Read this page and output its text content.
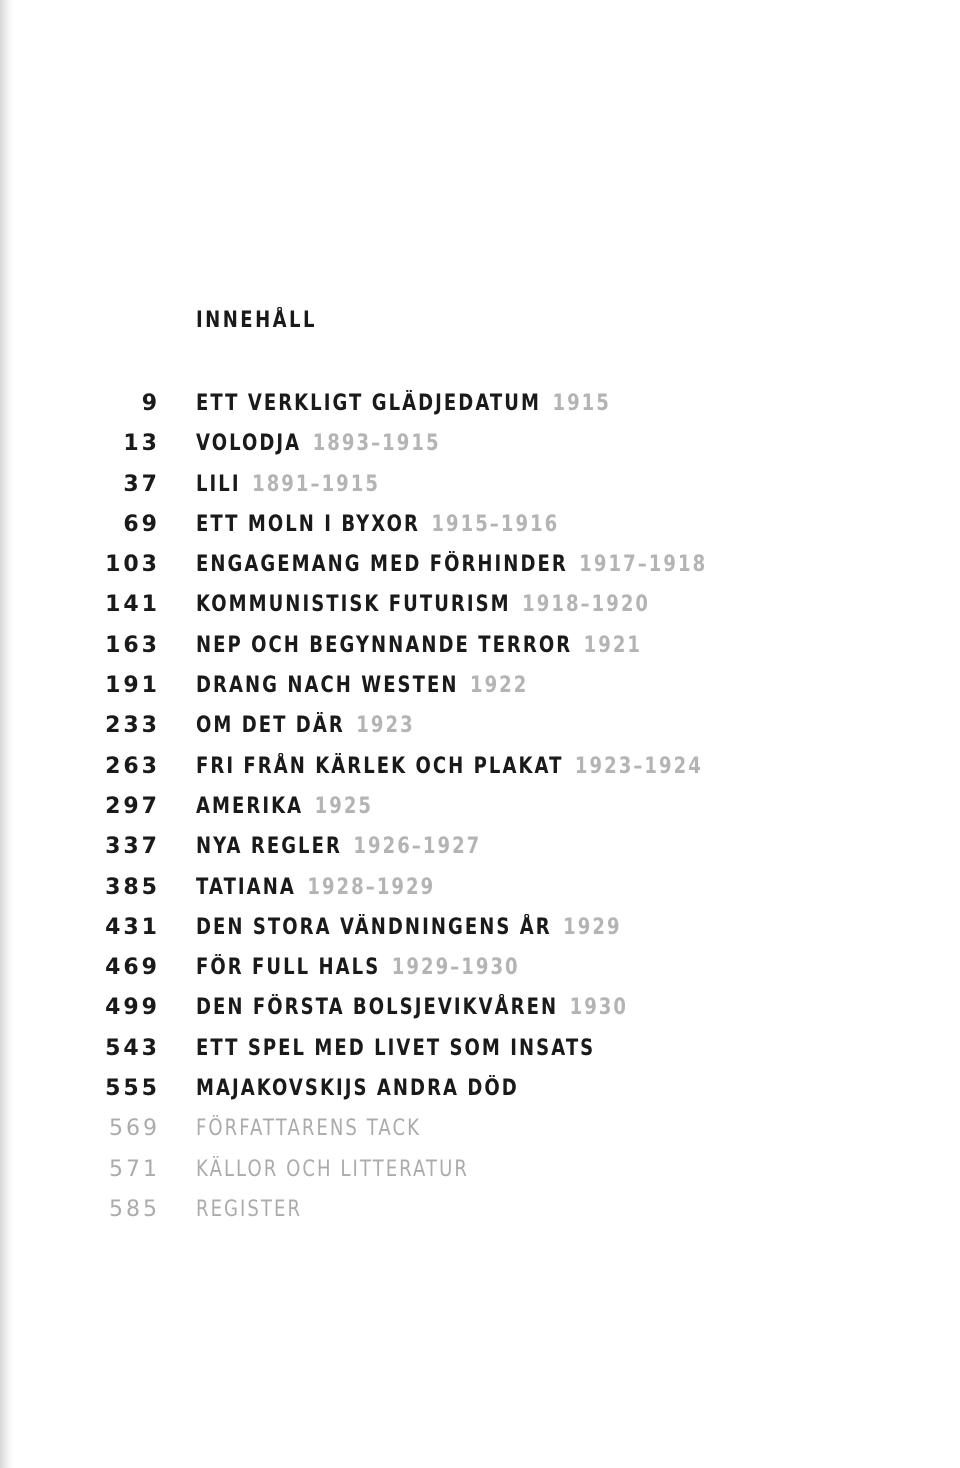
INNEHÅLL
9 ETT VERKLIGT GLÄDJEDATUM 1915
13 VOLODJA 1893–1915
37 LILI 1891–1915
69 ETT MOLN I BYXOR 1915–1916
103 ENGAGEMANG MED FÖRHINDER 1917–1918
141 KOMMUNISTISK FUTURISM 1918–1920
163 NEP OCH BEGYNNANDE TERROR 1921
191 DRANG NACH WESTEN 1922
233 OM DET DÄR 1923
263 FRI FRÅN KÄRLEK OCH PLAKAT 1923–1924
297 AMERIKA 1925
337 NYA REGLER 1926–1927
385 TATIANA 1928–1929
431 DEN STORA VÄNDNINGENS ÅR 1929
469 FÖR FULL HALS 1929–1930
499 DEN FÖRSTA BOLSJEVIKVÅREN 1930
543 ETT SPEL MED LIVET SOM INSATS
555 MAJAKOVSKIJS ANDRA DÖD
569 FÖRFATTARENS TACK
571 KÄLLOR OCH LITTERATUR
585 REGISTER
